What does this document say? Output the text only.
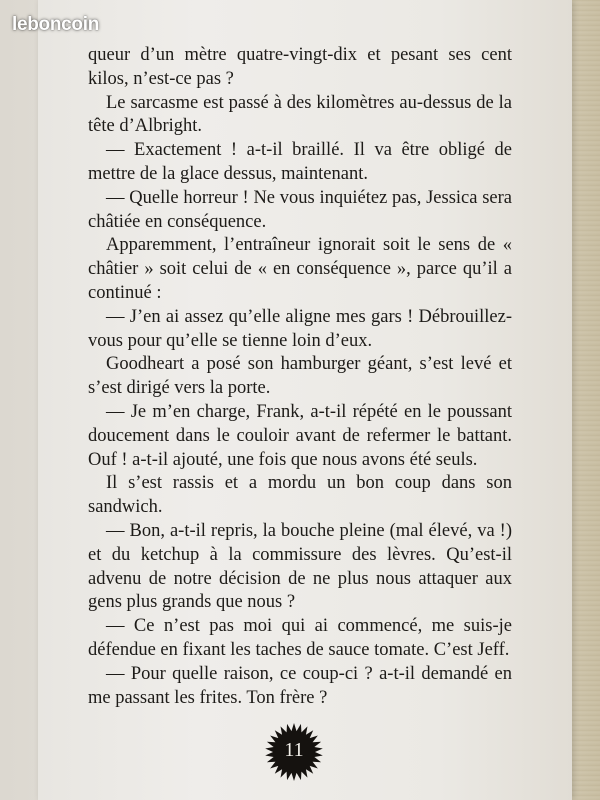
leboncoin

queur d’un mètre quatre-vingt-dix et pesant ses cent kilos, n’est-ce pas ?

Le sarcasme est passé à des kilomètres au-dessus de la tête d’Albright.

— Exactement ! a-t-il braillé. Il va être obligé de mettre de la glace dessus, maintenant.

— Quelle horreur ! Ne vous inquiétez pas, Jessica sera châtiée en conséquence.

Apparemment, l’entraîneur ignorait soit le sens de « châtier » soit celui de « en conséquence », parce qu’il a continué :

— J’en ai assez qu’elle aligne mes gars ! Débrouillez-vous pour qu’elle se tienne loin d’eux.

Goodheart a posé son hamburger géant, s’est levé et s’est dirigé vers la porte.

— Je m’en charge, Frank, a-t-il répété en le poussant doucement dans le couloir avant de refermer le battant. Ouf ! a-t-il ajouté, une fois que nous avons été seuls.

Il s’est rassis et a mordu un bon coup dans son sandwich.

— Bon, a-t-il repris, la bouche pleine (mal élevé, va !) et du ketchup à la commissure des lèvres. Qu’est-il advenu de notre décision de ne plus nous attaquer aux gens plus grands que nous ?

— Ce n’est pas moi qui ai commencé, me suis-je défendue en fixant les taches de sauce tomate. C’est Jeff.

— Pour quelle raison, ce coup-ci ? a-t-il demandé en me passant les frites. Ton frère ?

11
